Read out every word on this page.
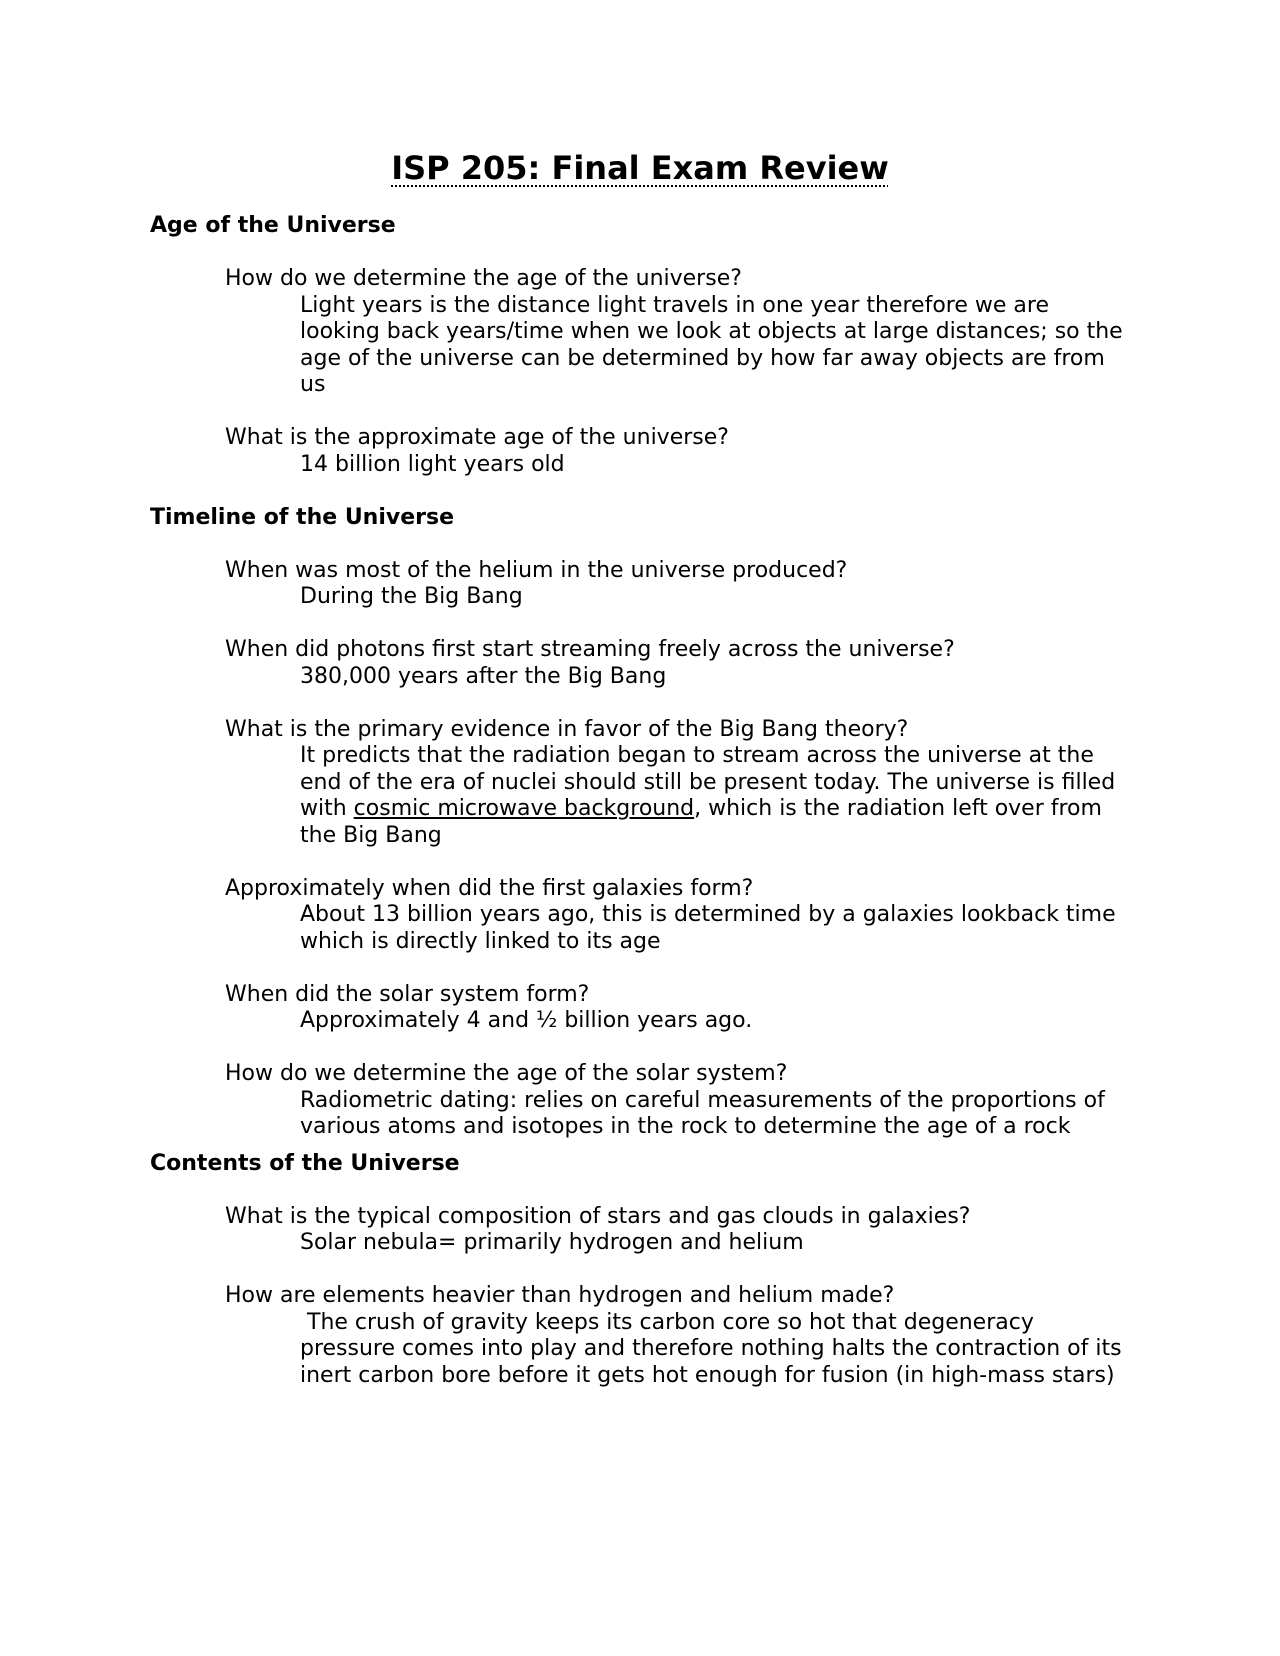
ISP 205: Final Exam Review
Age of the Universe
How do we determine the age of the universe?
Light years is the distance light travels in one year therefore we are looking back years/time when we look at objects at large distances; so the age of the universe can be determined by how far away objects are from us
What is the approximate age of the universe?
14 billion light years old
Timeline of the Universe
When was most of the helium in the universe produced?
During the Big Bang
When did photons first start streaming freely across the universe?
380,000 years after the Big Bang
What is the primary evidence in favor of the Big Bang theory?
It predicts that the radiation began to stream across the universe at the end of the era of nuclei should still be present today. The universe is filled with cosmic microwave background, which is the radiation left over from the Big Bang
Approximately when did the first galaxies form?
About 13 billion years ago, this is determined by a galaxies lookback time which is directly linked to its age
When did the solar system form?
Approximately 4 and ½ billion years ago.
How do we determine the age of the solar system?
Radiometric dating: relies on careful measurements of the proportions of various atoms and isotopes in the rock to determine the age of a rock
Contents of the Universe
What is the typical composition of stars and gas clouds in galaxies?
Solar nebula= primarily hydrogen and helium
How are elements heavier than hydrogen and helium made?
The crush of gravity keeps its carbon core so hot that degeneracy pressure comes into play and therefore nothing halts the contraction of its inert carbon bore before it gets hot enough for fusion (in high-mass stars)
